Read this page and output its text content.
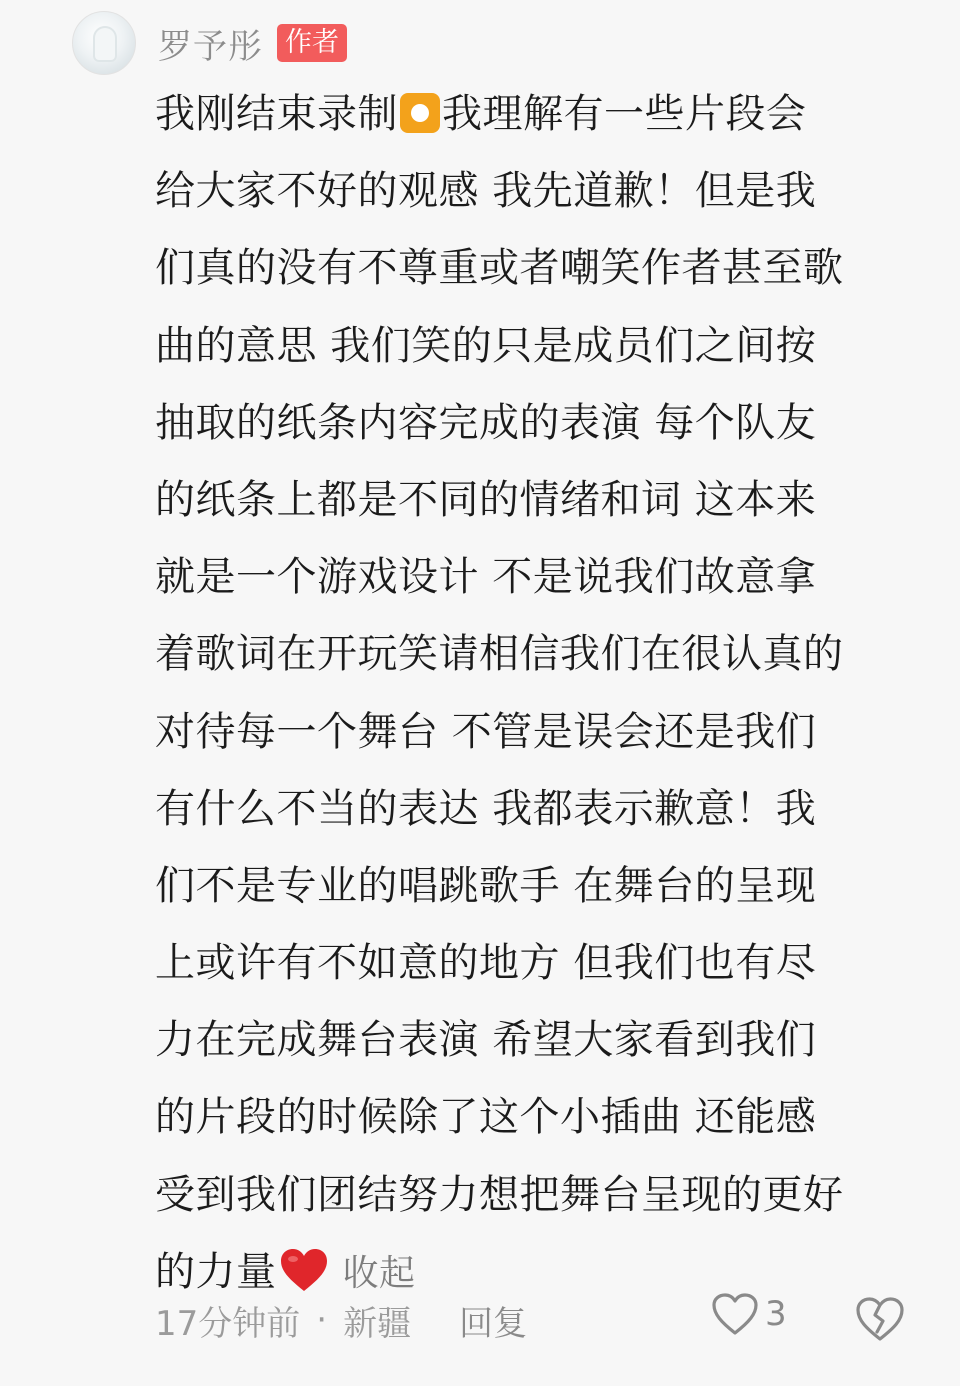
罗予彤 作者
我刚结束录制 我理解有一些片段会
给大家不好的观感 我先道歉！但是我
们真的没有不尊重或者嘲笑作者甚至歌
曲的意思 我们笑的只是成员们之间按
抽取的纸条内容完成的表演 每个队友
的纸条上都是不同的情绪和词 这本来
就是一个游戏设计 不是说我们故意拿
着歌词在开玩笑请相信我们在很认真的
对待每一个舞台 不管是误会还是我们
有什么不当的表达 我都表示歉意！我
们不是专业的唱跳歌手 在舞台的呈现
上或许有不如意的地方 但我们也有尽
力在完成舞台表演 希望大家看到我们
的片段的时候除了这个小插曲 还能感
受到我们团结努力想把舞台呈现的更好
的力量 收起
17分钟前 · 新疆 回复	3
